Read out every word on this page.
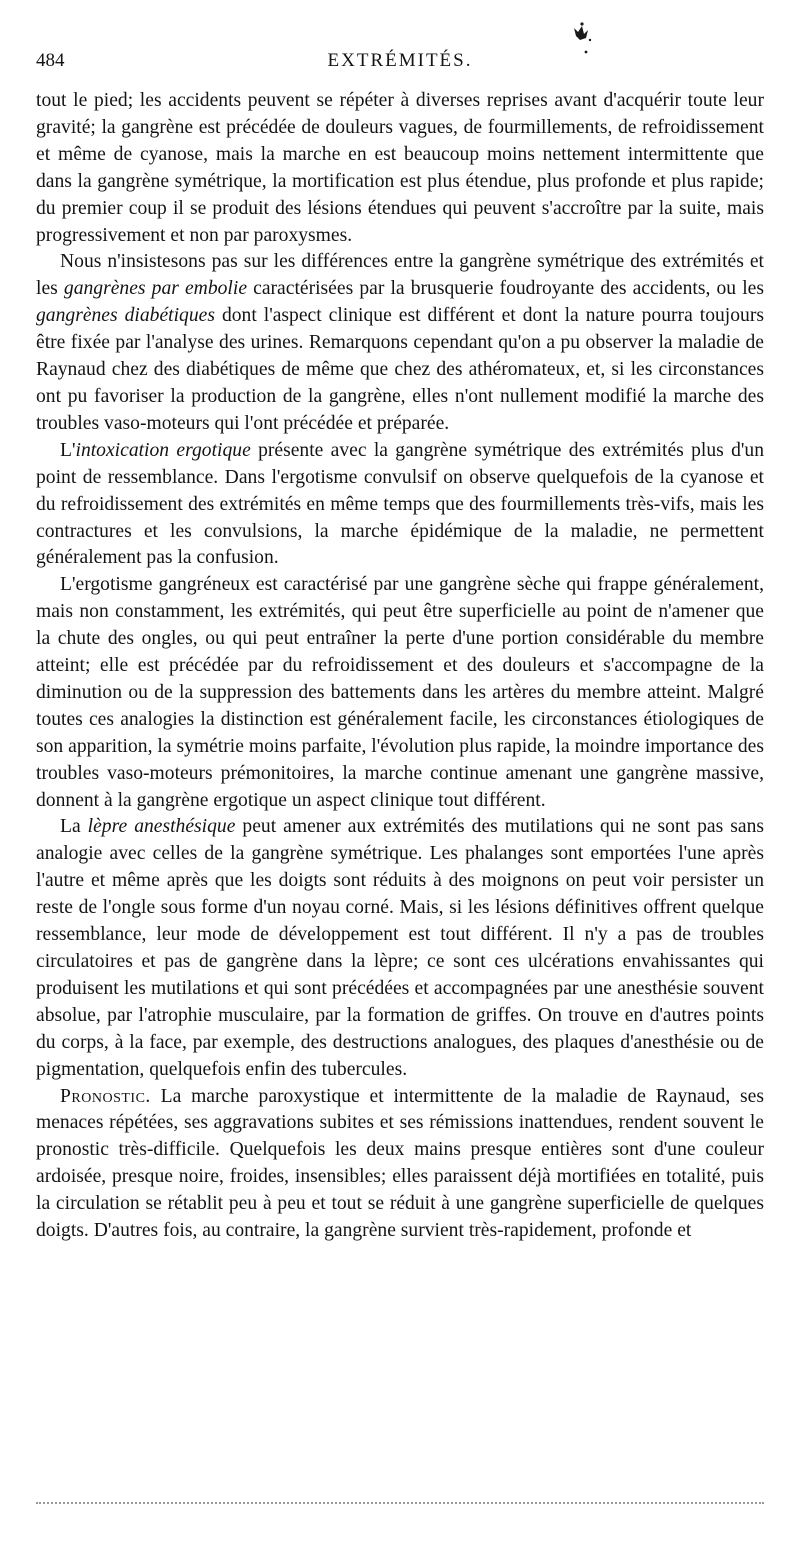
484	EXTRÉMITÉS.

tout le pied; les accidents peuvent se répéter à diverses reprises avant d'acquérir toute leur gravité; la gangrène est précédée de douleurs vagues, de fourmillements, de refroidissement et même de cyanose, mais la marche en est beaucoup moins nettement intermittente que dans la gangrène symétrique, la mortification est plus étendue, plus profonde et plus rapide; du premier coup il se produit des lésions étendues qui peuvent s'accroître par la suite, mais progressivement et non par paroxysmes.

Nous n'insistesons pas sur les différences entre la gangrène symétrique des extrémités et les gangrènes par embolie caractérisées par la brusquerie foudroyante des accidents, ou les gangrènes diabétiques dont l'aspect clinique est différent et dont la nature pourra toujours être fixée par l'analyse des urines. Remarquons cependant qu'on a pu observer la maladie de Raynaud chez des diabétiques de même que chez des athéromateux, et, si les circonstances ont pu favoriser la production de la gangrène, elles n'ont nullement modifié la marche des troubles vaso-moteurs qui l'ont précédée et préparée.

L'intoxication ergotique présente avec la gangrène symétrique des extrémités plus d'un point de ressemblance. Dans l'ergotisme convulsif on observe quelquefois de la cyanose et du refroidissement des extrémités en même temps que des fourmillements très-vifs, mais les contractures et les convulsions, la marche épidémique de la maladie, ne permettent généralement pas la confusion.

L'ergotisme gangréneux est caractérisé par une gangrène sèche qui frappe généralement, mais non constamment, les extrémités, qui peut être superficielle au point de n'amener que la chute des ongles, ou qui peut entraîner la perte d'une portion considérable du membre atteint; elle est précédée par du refroidissement et des douleurs et s'accompagne de la diminution ou de la suppression des battements dans les artères du membre atteint. Malgré toutes ces analogies la distinction est généralement facile, les circonstances étiologiques de son apparition, la symétrie moins parfaite, l'évolution plus rapide, la moindre importance des troubles vaso-moteurs prémonitoires, la marche continue amenant une gangrène massive, donnent à la gangrène ergotique un aspect clinique tout différent.

La lèpre anesthésique peut amener aux extrémités des mutilations qui ne sont pas sans analogie avec celles de la gangrène symétrique. Les phalanges sont emportées l'une après l'autre et même après que les doigts sont réduits à des moignons on peut voir persister un reste de l'ongle sous forme d'un noyau corné. Mais, si les lésions définitives offrent quelque ressemblance, leur mode de développement est tout différent. Il n'y a pas de troubles circulatoires et pas de gangrène dans la lèpre; ce sont ces ulcérations envahissantes qui produisent les mutilations et qui sont précédées et accompagnées par une anesthésie souvent absolue, par l'atrophie musculaire, par la formation de griffes. On trouve en d'autres points du corps, à la face, par exemple, des destructions analogues, des plaques d'anesthésie ou de pigmentation, quelquefois enfin des tubercules.

Pronostic. La marche paroxystique et intermittente de la maladie de Raynaud, ses menaces répétées, ses aggravations subites et ses rémissions inattendues, rendent souvent le pronostic très-difficile. Quelquefois les deux mains presque entières sont d'une couleur ardoisée, presque noire, froides, insensibles; elles paraissent déjà mortifiées en totalité, puis la circulation se rétablit peu à peu et tout se réduit à une gangrène superficielle de quelques doigts. D'autres fois, au contraire, la gangrène survient très-rapidement, profonde et
